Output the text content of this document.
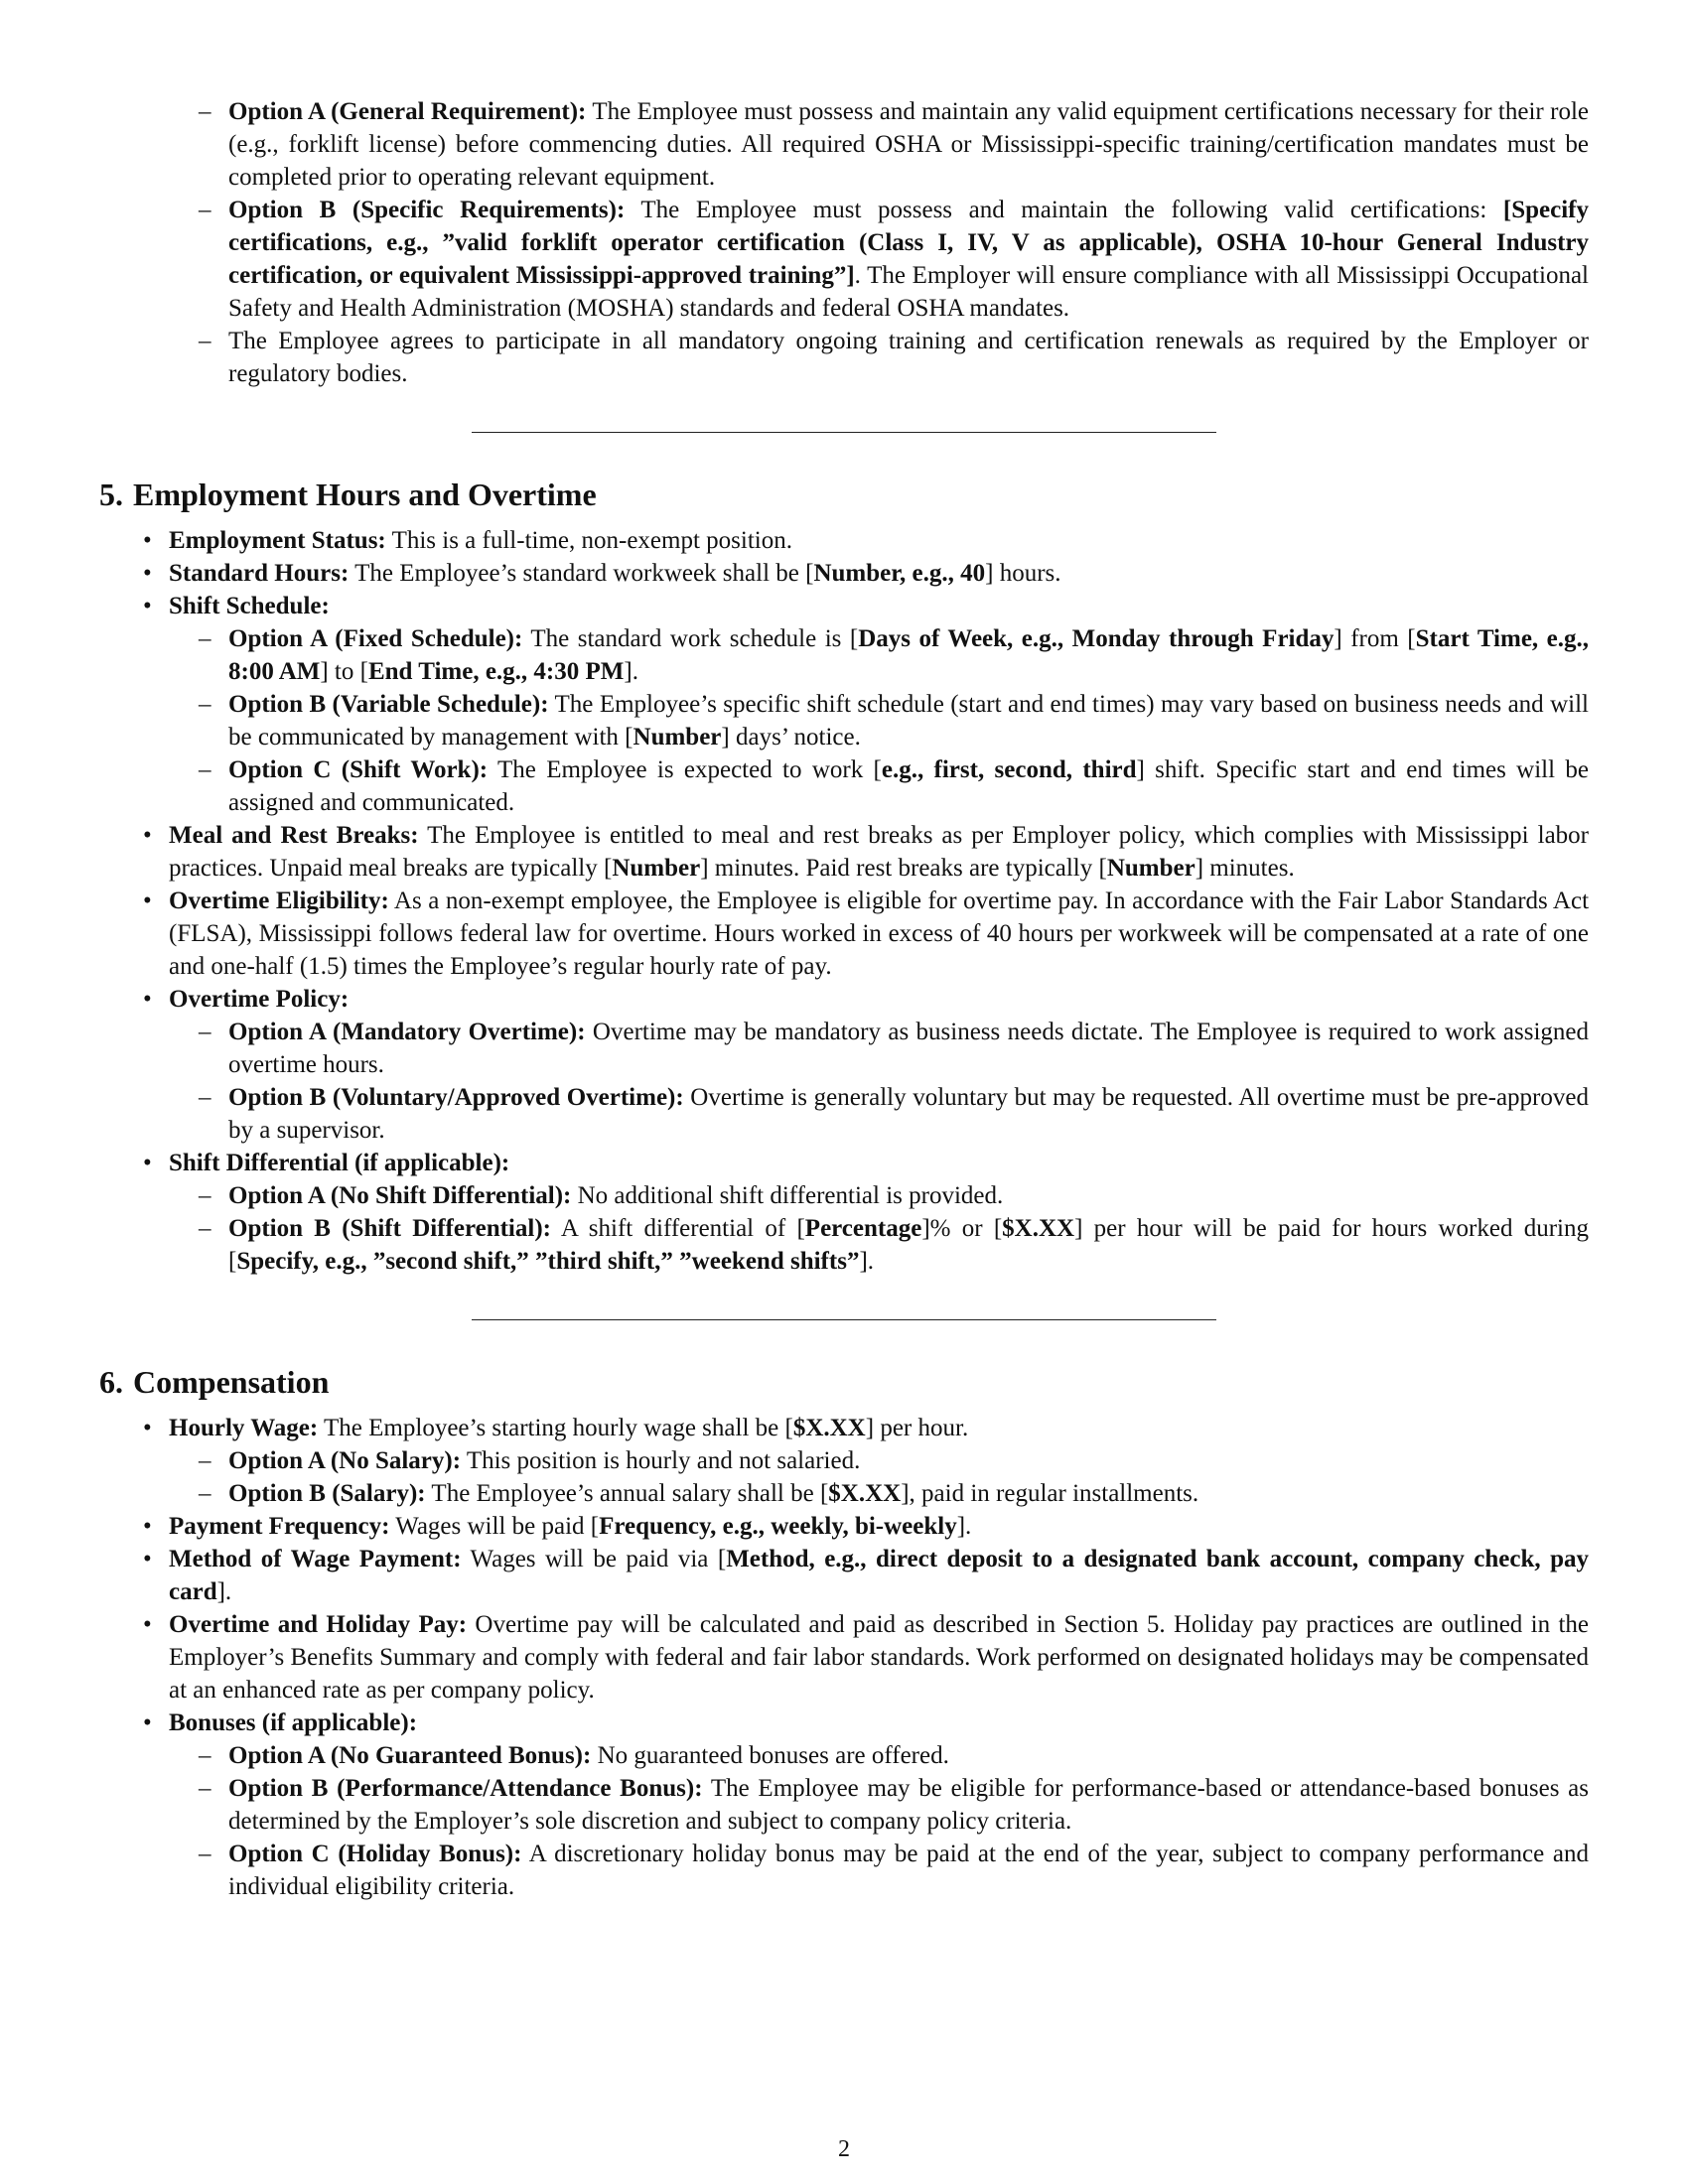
– Option A (General Requirement): The Employee must possess and maintain any valid equipment certifications necessary for their role (e.g., forklift license) before commencing duties. All required OSHA or Mississippi-specific training/certification mandates must be completed prior to operating relevant equipment.
– Option B (Specific Requirements): The Employee must possess and maintain the following valid certifications: [Specify certifications, e.g., ”valid forklift operator certification (Class I, IV, V as applicable), OSHA 10-hour General Industry certification, or equivalent Mississippi-approved training”]. The Employer will ensure compliance with all Mississippi Occupational Safety and Health Administration (MOSHA) standards and federal OSHA mandates.
– The Employee agrees to participate in all mandatory ongoing training and certification renewals as required by the Employer or regulatory bodies.
5. Employment Hours and Overtime
• Employment Status: This is a full-time, non-exempt position.
• Standard Hours: The Employee’s standard workweek shall be [Number, e.g., 40] hours.
• Shift Schedule:
– Option A (Fixed Schedule): The standard work schedule is [Days of Week, e.g., Monday through Friday] from [Start Time, e.g., 8:00 AM] to [End Time, e.g., 4:30 PM].
– Option B (Variable Schedule): The Employee’s specific shift schedule (start and end times) may vary based on business needs and will be communicated by management with [Number] days’ notice.
– Option C (Shift Work): The Employee is expected to work [e.g., first, second, third] shift. Specific start and end times will be assigned and communicated.
• Meal and Rest Breaks: The Employee is entitled to meal and rest breaks as per Employer policy, which complies with Mississippi labor practices. Unpaid meal breaks are typically [Number] minutes. Paid rest breaks are typically [Number] minutes.
• Overtime Eligibility: As a non-exempt employee, the Employee is eligible for overtime pay. In accordance with the Fair Labor Standards Act (FLSA), Mississippi follows federal law for overtime. Hours worked in excess of 40 hours per workweek will be compensated at a rate of one and one-half (1.5) times the Employee’s regular hourly rate of pay.
• Overtime Policy:
– Option A (Mandatory Overtime): Overtime may be mandatory as business needs dictate. The Employee is required to work assigned overtime hours.
– Option B (Voluntary/Approved Overtime): Overtime is generally voluntary but may be requested. All overtime must be pre-approved by a supervisor.
• Shift Differential (if applicable):
– Option A (No Shift Differential): No additional shift differential is provided.
– Option B (Shift Differential): A shift differential of [Percentage]% or [$X.XX] per hour will be paid for hours worked during [Specify, e.g., ”second shift,” ”third shift,” ”weekend shifts”].
6. Compensation
• Hourly Wage: The Employee’s starting hourly wage shall be [$X.XX] per hour.
– Option A (No Salary): This position is hourly and not salaried.
– Option B (Salary): The Employee’s annual salary shall be [$X.XX], paid in regular installments.
• Payment Frequency: Wages will be paid [Frequency, e.g., weekly, bi-weekly].
• Method of Wage Payment: Wages will be paid via [Method, e.g., direct deposit to a designated bank account, company check, pay card].
• Overtime and Holiday Pay: Overtime pay will be calculated and paid as described in Section 5. Holiday pay practices are outlined in the Employer’s Benefits Summary and comply with federal and fair labor standards. Work performed on designated holidays may be compensated at an enhanced rate as per company policy.
• Bonuses (if applicable):
– Option A (No Guaranteed Bonus): No guaranteed bonuses are offered.
– Option B (Performance/Attendance Bonus): The Employee may be eligible for performance-based or attendance-based bonuses as determined by the Employer’s sole discretion and subject to company policy criteria.
– Option C (Holiday Bonus): A discretionary holiday bonus may be paid at the end of the year, subject to company performance and individual eligibility criteria.
2
